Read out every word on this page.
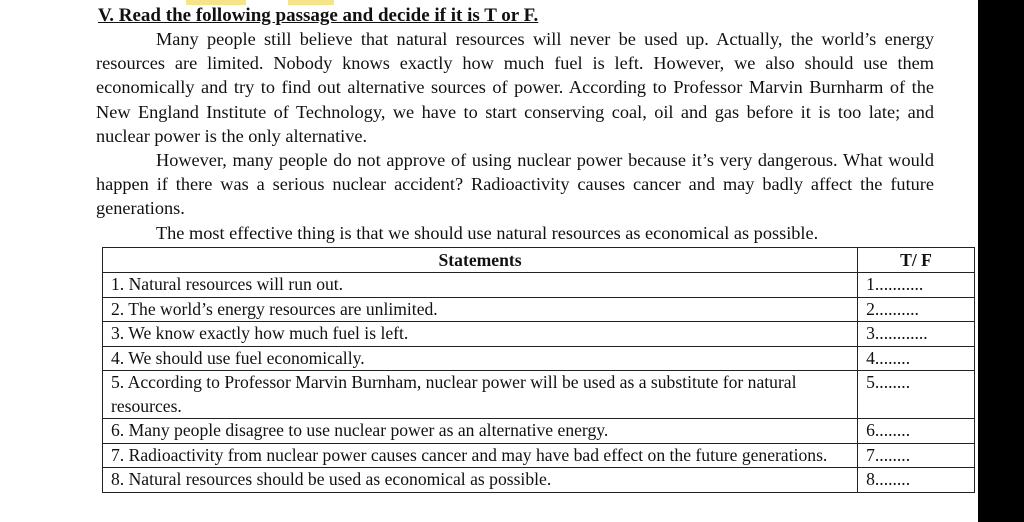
V. Read the following passage and decide if it is T or F.

Many people still believe that natural resources will never be used up. Actually, the world’s energy resources are limited. Nobody knows exactly how much fuel is left. However, we also should use them economically and try to find out alternative sources of power. According to Professor Marvin Burnharm of the New England Institute of Technology, we have to start conserving coal, oil and gas before it is too late; and nuclear power is the only alternative.

However, many people do not approve of using nuclear power because it’s very dangerous. What would happen if there was a serious nuclear accident? Radioactivity causes cancer and may badly affect the future generations.

The most effective thing is that we should use natural resources as economical as possible.

Statements	T/ F
1. Natural resources will run out.	1...........
2. The world’s energy resources are unlimited.	2..........
3. We know exactly how much fuel is left.	3............
4. We should use fuel economically.	4........
5. According to Professor Marvin Burnham, nuclear power will be used as a substitute for natural resources.	5........
6. Many people disagree to use nuclear power as an alternative energy.	6........
7. Radioactivity from nuclear power causes cancer and may have bad effect on the future generations.	7........
8. Natural resources should be used as economical as possible.	8........
